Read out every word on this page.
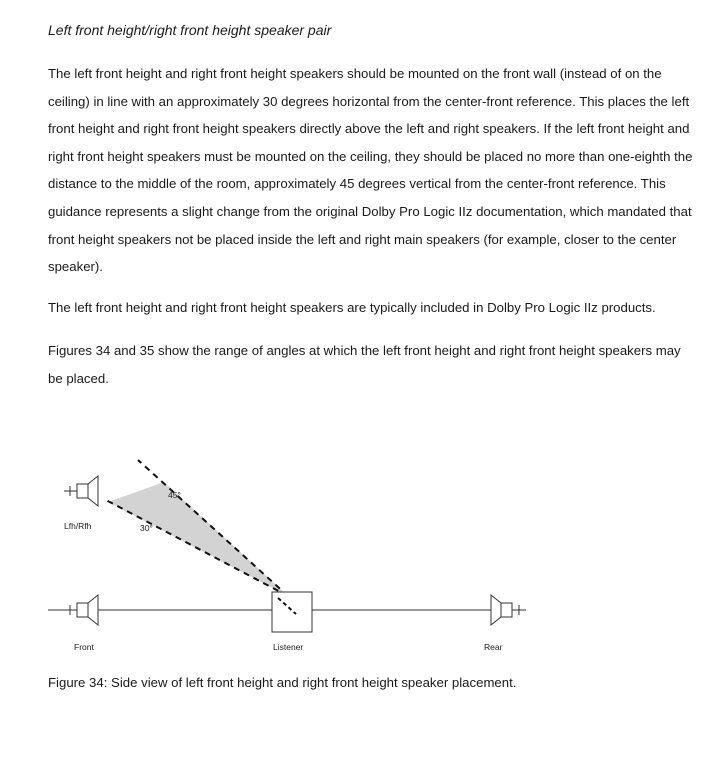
Left front height/right front height speaker pair

The left front height and right front height speakers should be mounted on the front wall (instead of on the ceiling) in line with an approximately 30 degrees horizontal from the center-front reference. This places the left front height and right front height speakers directly above the left and right speakers. If the left front height and right front height speakers must be mounted on the ceiling, they should be placed no more than one-eighth the distance to the middle of the room, approximately 45 degrees vertical from the center-front reference. This guidance represents a slight change from the original Dolby Pro Logic IIz documentation, which mandated that front height speakers not be placed inside the left and right main speakers (for example, closer to the center speaker).

The left front height and right front height speakers are typically included in Dolby Pro Logic IIz products.

Figures 34 and 35 show the range of angles at which the left front height and right front height speakers may be placed.

Lfh/Rfh
45°
30°
Front	Listener	Rear

Figure 34: Side view of left front height and right front height speaker placement.
